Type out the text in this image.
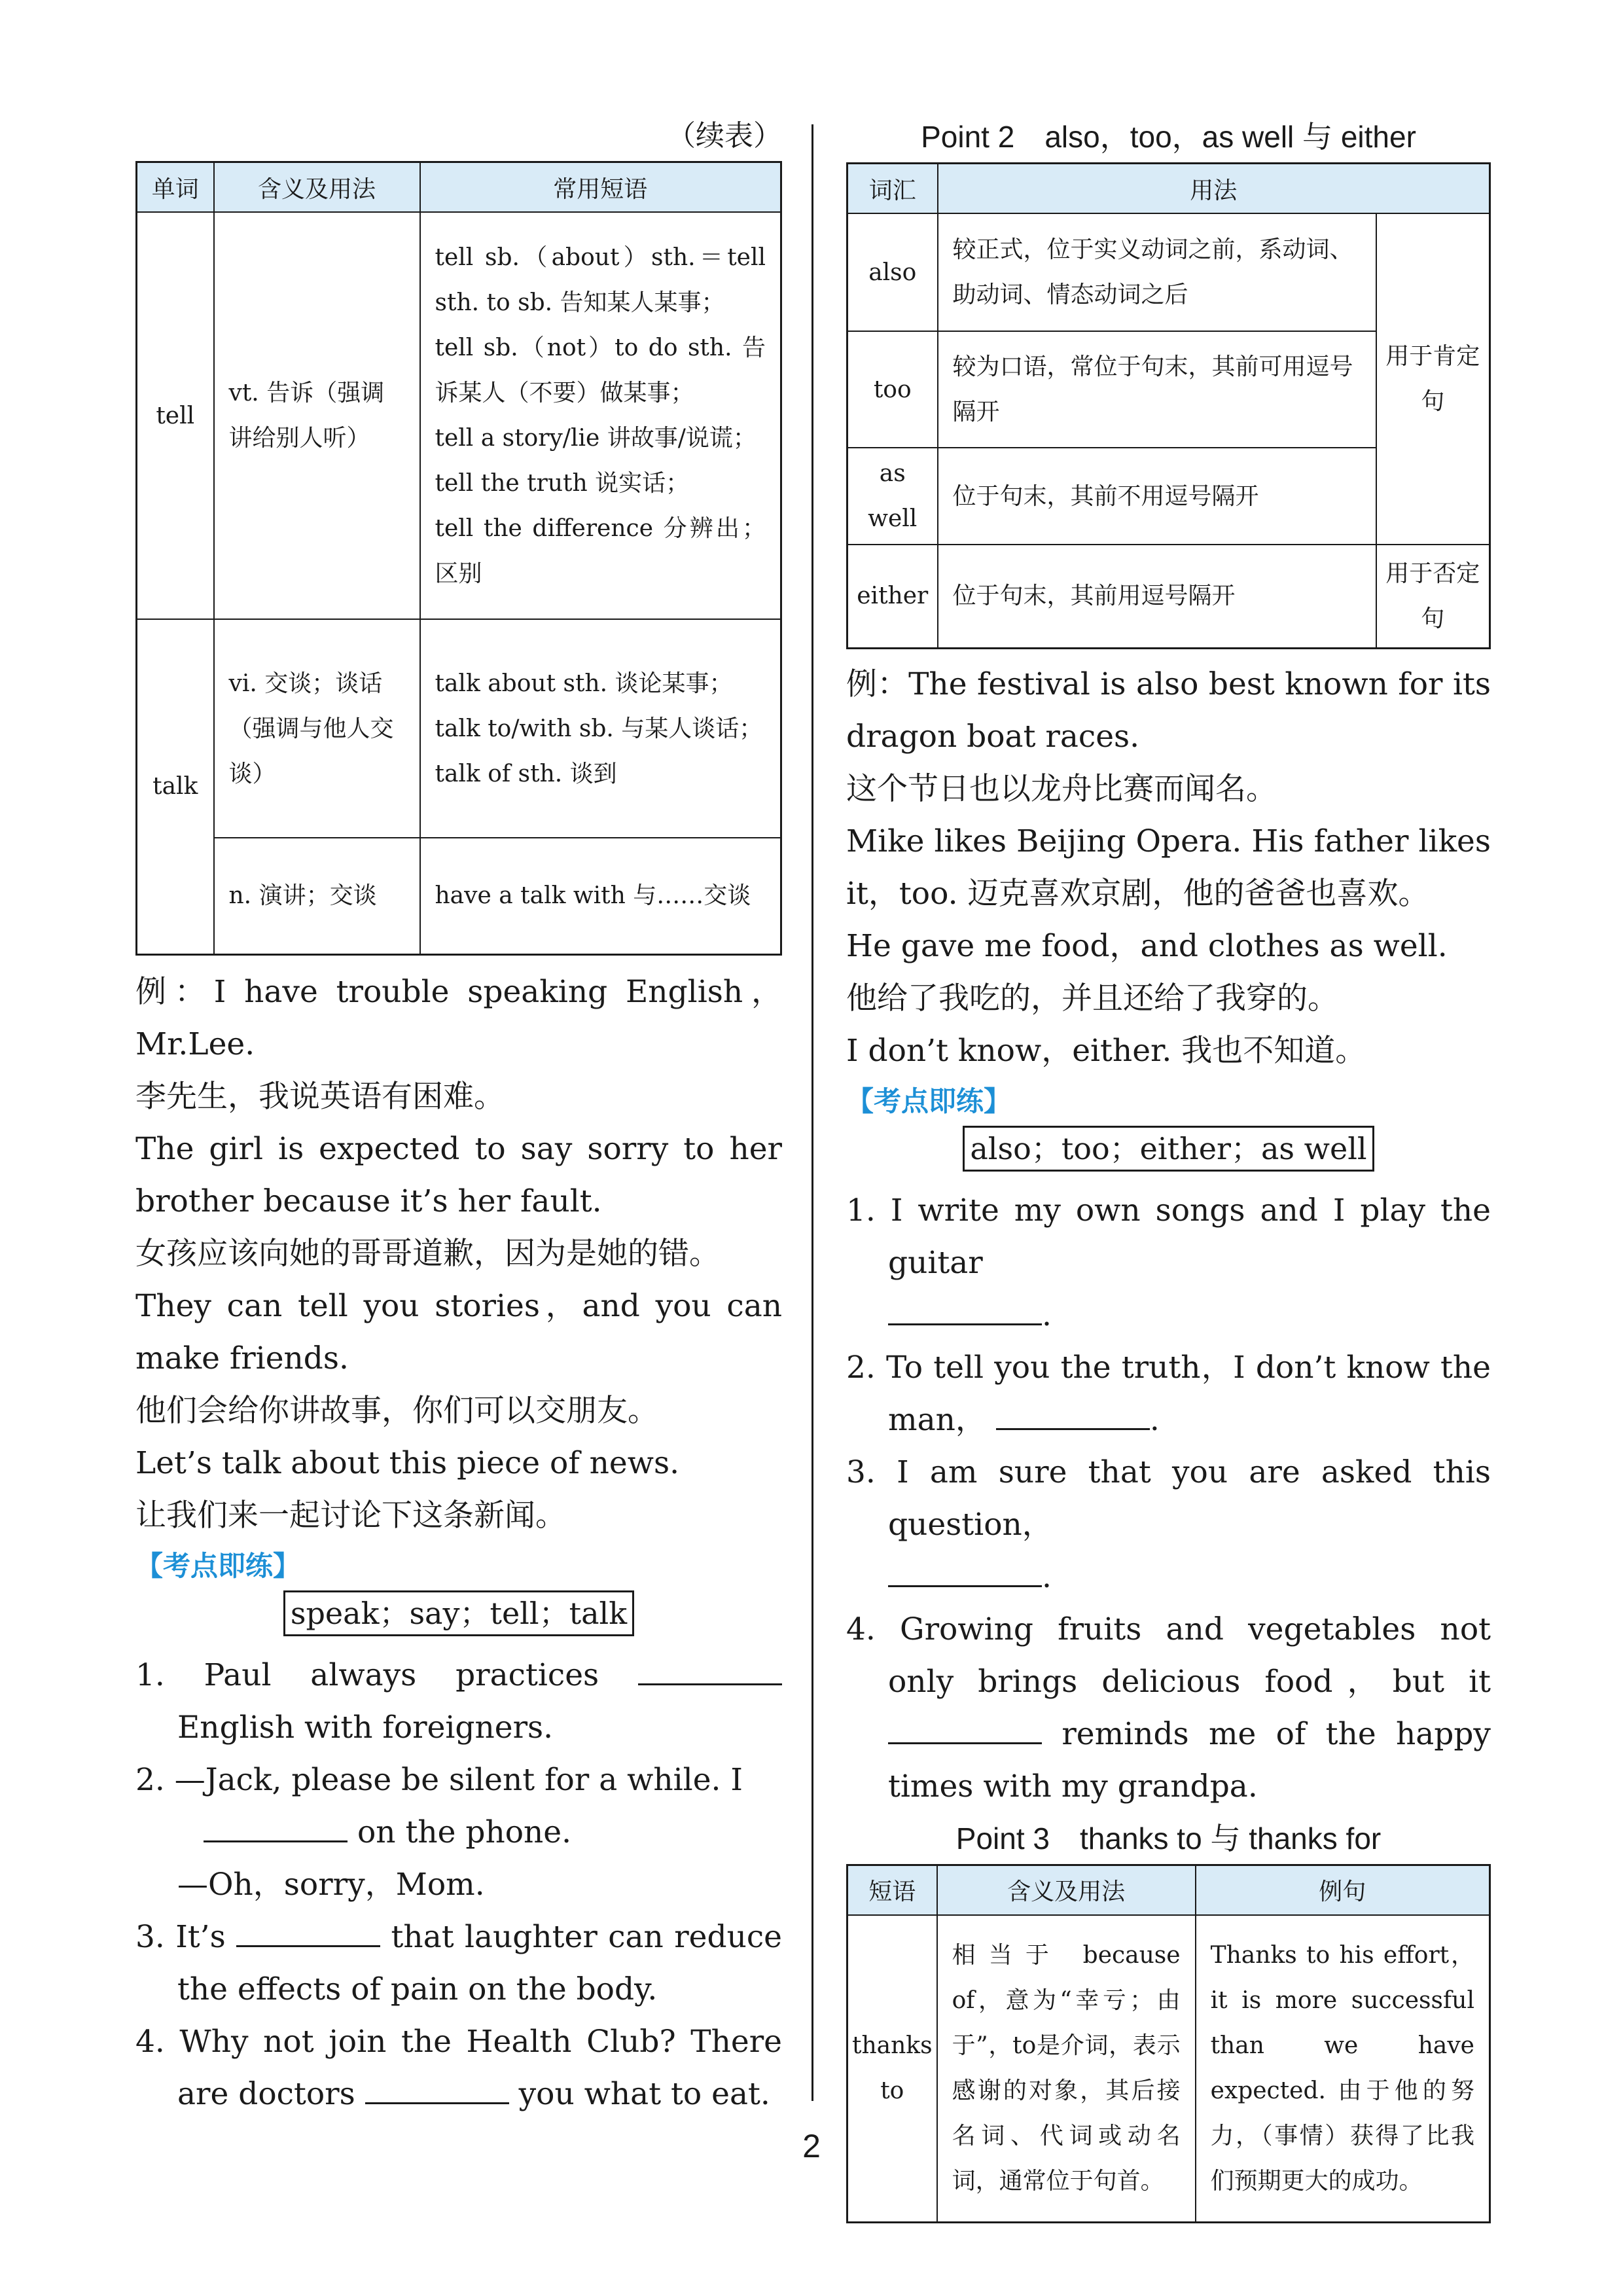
（续表）
单词	含义及用法	常用短语
tell	vt. 告诉（强调讲给别人听）	tell sb.（about）sth.＝tell sth. to sb. 告知某人某事；
tell sb.（not）to do sth. 告诉某人（不要）做某事；
tell a story/lie 讲故事/说谎；
tell the truth 说实话；
tell the difference 分辨出；区别

talk	vi. 交谈；谈话（强调与他人交谈）	talk about sth. 谈论某事；
talk to/with sb. 与某人谈话；
talk of sth. 谈到

	n. 演讲；交谈	have a talk with 与……交谈

例：I have trouble speaking English，Mr.Lee.

李先生，我说英语有困难。

The girl is expected to say sorry to her brother because it’s her fault.

女孩应该向她的哥哥道歉，因为是她的错。

They can tell you stories，and you can make friends.

他们会给你讲故事，你们可以交朋友。

Let’s talk about this piece of news.

让我们来一起讨论下这条新闻。

【考点即练】
speak；say；tell；talk

1. Paul always practices  English with foreigners.

2. —Jack, please be silent for a while. I
on the phone.

—Oh，sorry，Mom.

3. It’s	that laughter can reduce the effects of pain on the body.

4. Why not join the Health Club? There are doctors	you what to eat.

Point 2　also，too，as well 与 either
词汇	用法	
also	较正式，位于实义动词之前，系动词、助动词、情态动词之后	用于肯定句
too	较为口语，常位于句末，其前可用逗号隔开	
as well	位于句末，其前不用逗号隔开	
either	位于句末，其前用逗号隔开	用于否定句

例：The festival is also best known for its dragon boat races.

这个节日也以龙舟比赛而闻名。

Mike likes Beijing Opera. His father likes it，too. 迈克喜欢京剧，他的爸爸也喜欢。

He gave me food，and clothes as well.

他给了我吃的，并且还给了我穿的。

I don’t know，either. 我也不知道。

【考点即练】
also；too；either；as well

1. I write my own songs and I play the guitar
.

2. To tell you the truth，I don’t know the man，	.

3. I am sure that you are asked this question，
.

4. Growing fruits and vegetables not only brings delicious food，but it  reminds me of the happy times with my grandpa.

Point 3　thanks to 与 thanks for
短语	含义及用法	例句
thanks to	相当于 because of，意为“幸亏；由于”，to是介词，表示感谢的对象，其后接名词、代词或动名词，通常位于句首。	Thanks to his effort，it is more successful than we have expected. 由于他的努力，（事情）获得了比我们预期更大的成功。
2
